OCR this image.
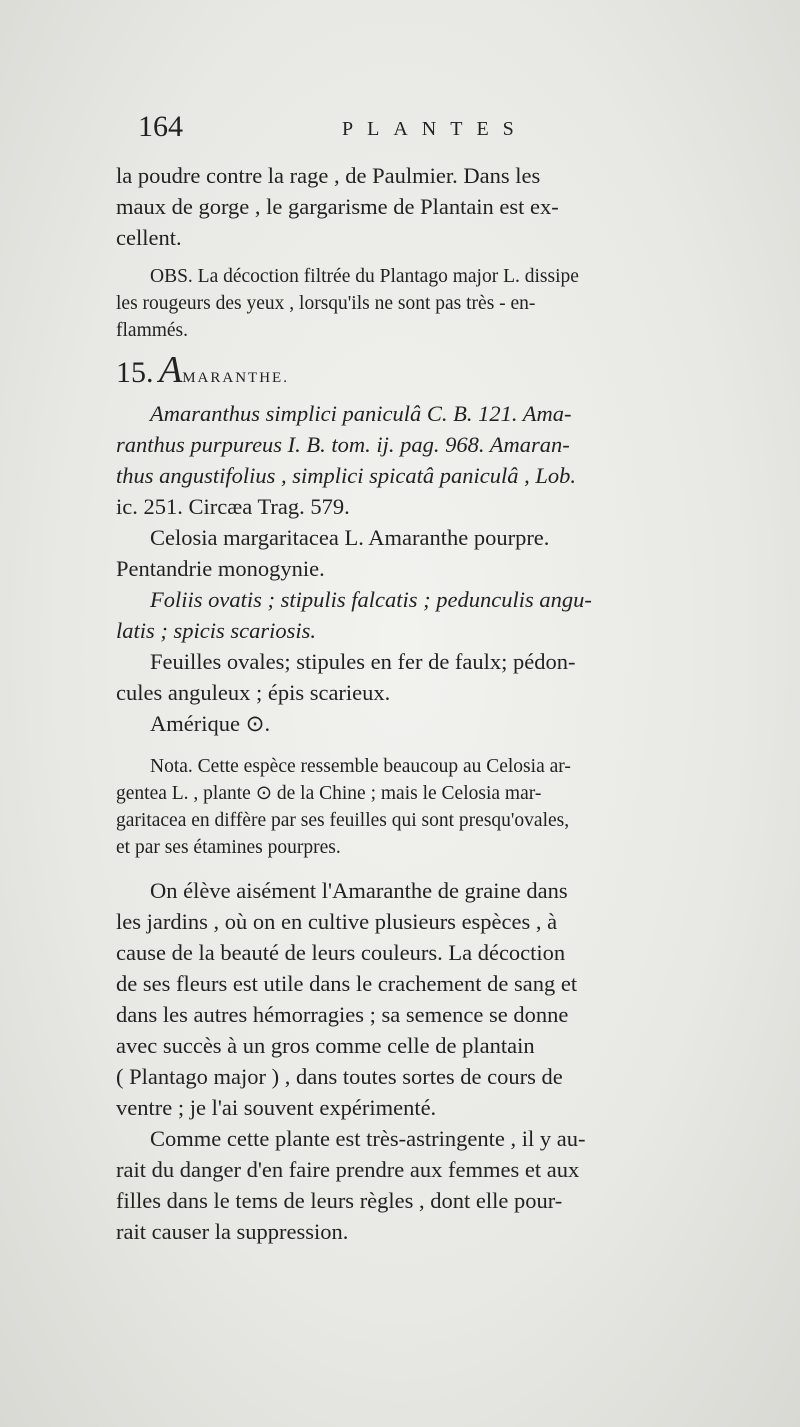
164	PLANTES
la poudre contre la rage , de Paulmier. Dans les
maux de gorge , le gargarisme de Plantain est ex-
cellent.
OBS. La décoction filtrée du Plantago major L. dissipe
les rougeurs des yeux , lorsqu'ils ne sont pas très - en-
flammés.
15. AMARANTHE.
Amaranthus simplici paniculâ C. B. 121. Ama-
ranthus purpureus I. B. tom. ij. pag. 968. Amaran-
thus angustifolius , simplici spicatâ paniculâ , Lob.
ic. 251. Circæa Trag. 579.
Celosia margaritacea L. Amaranthe pourpre.
Pentandrie monogynie.
Foliis ovatis ; stipulis falcatis ; pedunculis angu-
latis ; spicis scariosis.
Feuilles ovales; stipules en fer de faulx; pédon-
cules anguleux ; épis scarieux.
Amérique ⊙.
Nota. Cette espèce ressemble beaucoup au Celosia ar-
gentea L. , plante ⊙ de la Chine ; mais le Celosia mar-
garitacea en diffère par ses feuilles qui sont presqu'ovales,
et par ses étamines pourpres.
On élève aisément l'Amaranthe de graine dans
les jardins , où on en cultive plusieurs espèces , à
cause de la beauté de leurs couleurs. La décoction
de ses fleurs est utile dans le crachement de sang et
dans les autres hémorragies ; sa semence se donne
avec succès à un gros comme celle de plantain
( Plantago major ) , dans toutes sortes de cours de
ventre ; je l'ai souvent expérimenté.
Comme cette plante est très-astringente , il y au-
rait du danger d'en faire prendre aux femmes et aux
filles dans le tems de leurs règles , dont elle pour-
rait causer la suppression.
